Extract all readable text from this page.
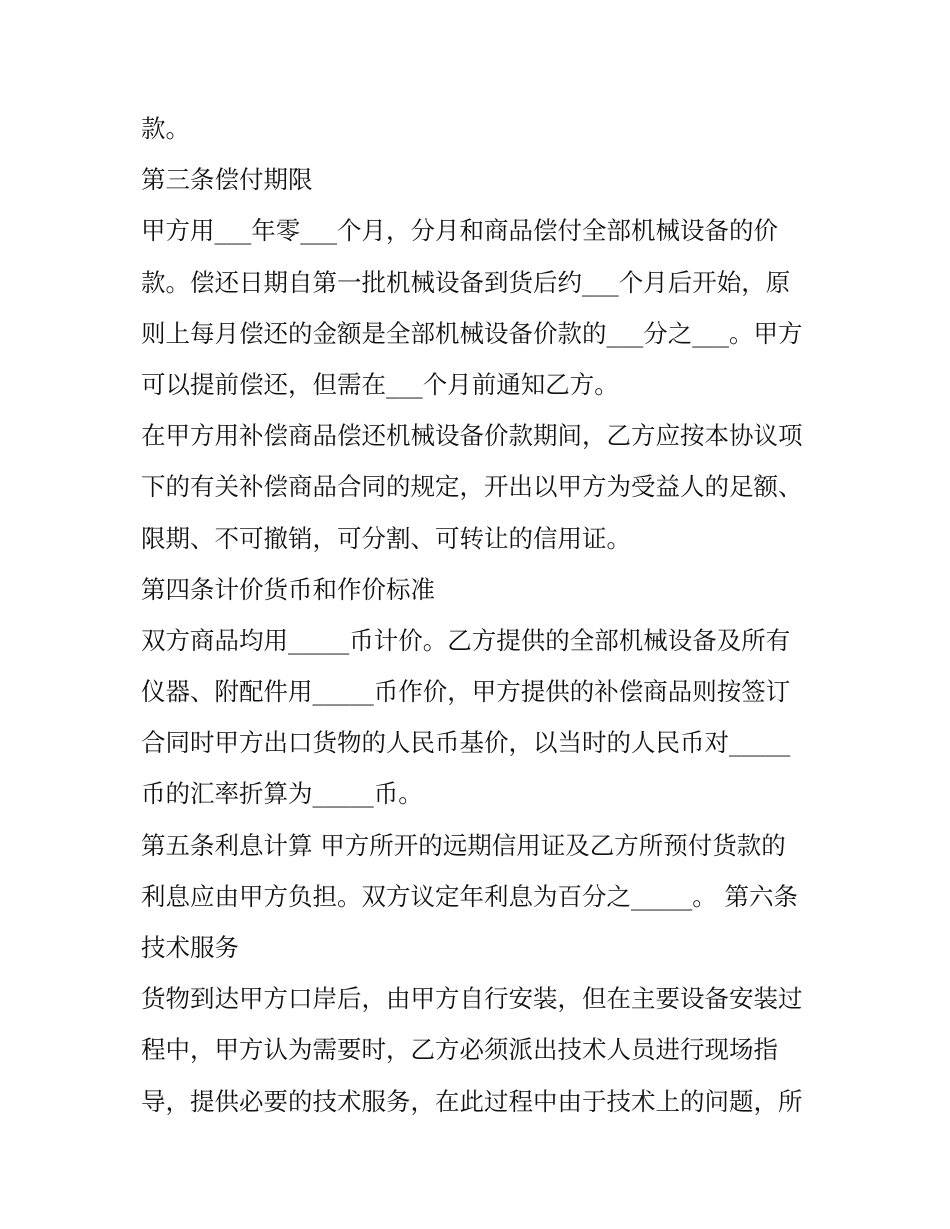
款。
第三条偿付期限
甲方用___年零___个月，分月和商品偿付全部机械设备的价
款。偿还日期自第一批机械设备到货后约___个月后开始，原
则上每月偿还的金额是全部机械设备价款的___分之___。甲方
可以提前偿还，但需在___个月前通知乙方。
在甲方用补偿商品偿还机械设备价款期间，乙方应按本协议项
下的有关补偿商品合同的规定，开出以甲方为受益人的足额、
限期、不可撤销，可分割、可转让的信用证。
第四条计价货币和作价标准
双方商品均用_____币计价。乙方提供的全部机械设备及所有
仪器、附配件用_____币作价，甲方提供的补偿商品则按签订
合同时甲方出口货物的人民币基价，以当时的人民币对_____
币的汇率折算为_____币。
第五条利息计算 甲方所开的远期信用证及乙方所预付货款的
利息应由甲方负担。双方议定年利息为百分之_____。 第六条
技术服务
货物到达甲方口岸后，由甲方自行安装，但在主要设备安装过
程中，甲方认为需要时，乙方必须派出技术人员进行现场指
导，提供必要的技术服务，在此过程中由于技术上的问题，所
